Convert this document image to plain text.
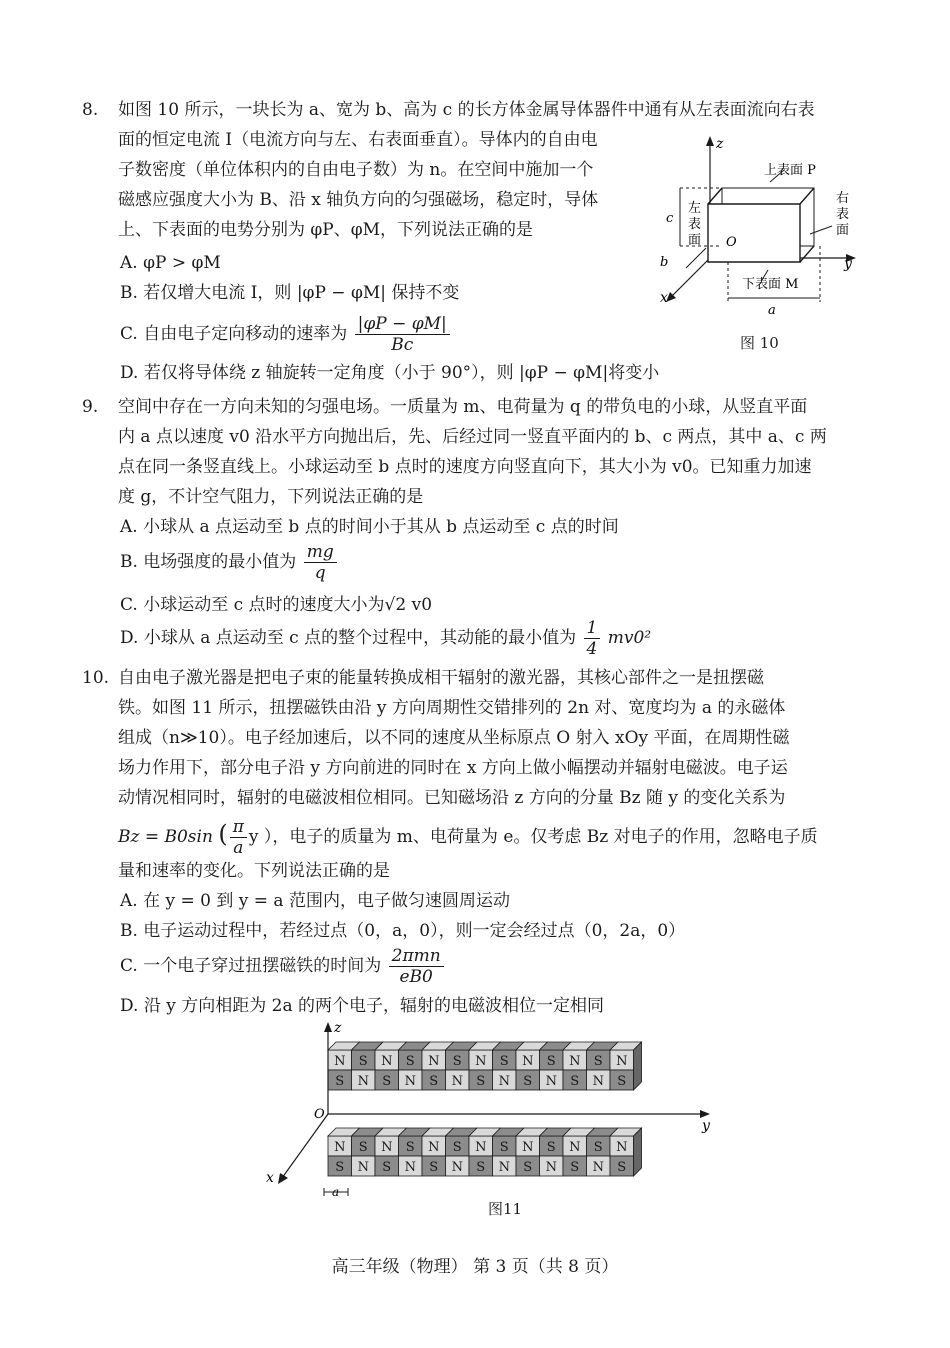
8. 如图 10 所示，一块长为 a、宽为 b、高为 c 的长方体金属导体器件中通有从左表面流向右表
面的恒定电流 I（电流方向与左、右表面垂直）。导体内的自由电
子数密度（单位体积内的自由电子数）为 n。在空间中施加一个
磁感应强度大小为 B、沿 x 轴负方向的匀强磁场，稳定时，导体
上、下表面的电势分别为 φP、φM，下列说法正确的是
A. φP > φM
B. 若仅增大电流 I，则 |φP − φM| 保持不变
C. 自由电子定向移动的速率为 $\frac{|\varphi P - \varphi M|}{Bc}$
D. 若仅将导体绕 z 轴旋转一定角度（小于 90°），则 |φP − φM|将变小
z
y
x
O
上表面 P
右
表
面
左
表
面
下表面 M
a
c
b
图 10
9. 空间中存在一方向未知的匀强电场。一质量为 m、电荷量为 q 的带负电的小球，从竖直平面
内 a 点以速度 v0 沿水平方向抛出后，先、后经过同一竖直平面内的 b、c 两点，其中 a、c 两
点在同一条竖直线上。小球运动至 b 点时的速度方向竖直向下，其大小为 v0。已知重力加速
度 g，不计空气阻力，下列说法正确的是
A. 小球从 a 点运动至 b 点的时间小于其从 b 点运动至 c 点的时间
B. 电场强度的最小值为 $\frac{mg}{q}$
C. 小球运动至 c 点时的速度大小为√2 v0
D. 小球从 a 点运动至 c 点的整个过程中，其动能的最小值为 $\frac{1}{4} mv0^2$
10. 自由电子激光器是把电子束的能量转换成相干辐射的激光器，其核心部件之一是扭摆磁
铁。如图 11 所示，扭摆磁铁由沿 y 方向周期性交错排列的 2n 对、宽度均为 a 的永磁体
组成（n≫10）。电子经加速后，以不同的速度从坐标原点 O 射入 xOy 平面，在周期性磁
场力作用下，部分电子沿 y 方向前进的同时在 x 方向上做小幅摆动并辐射电磁波。电子运
动情况相同时，辐射的电磁波相位相同。已知磁场沿 z 方向的分量 Bz 随 y 的变化关系为
Bz = B0sin ( $\frac{\pi}{a}$ y ），电子的质量为 m、电荷量为 e。仅考虑 Bz 对电子的作用，忽略电子质
量和速率的变化。下列说法正确的是
A. 在 y = 0 到 y = a 范围内，电子做匀速圆周运动
B. 电子运动过程中，若经过点（0，a，0），则一定会经过点（0，2a，0）
C. 一个电子穿过扭摆磁铁的时间为 $\frac{\text{2πmn}}{eB0}$
D. 沿 y 方向相距为 2a 的两个电子，辐射的电磁波相位一定相同
N S N S N S N S N S N S N
S N S N S N S N S N S N S
N S N S N S N S N S N S N
S N S N S N S N S N S N S
z
y
x
O
a
图11
高三年级（物理） 第 3 页（共 8 页）
